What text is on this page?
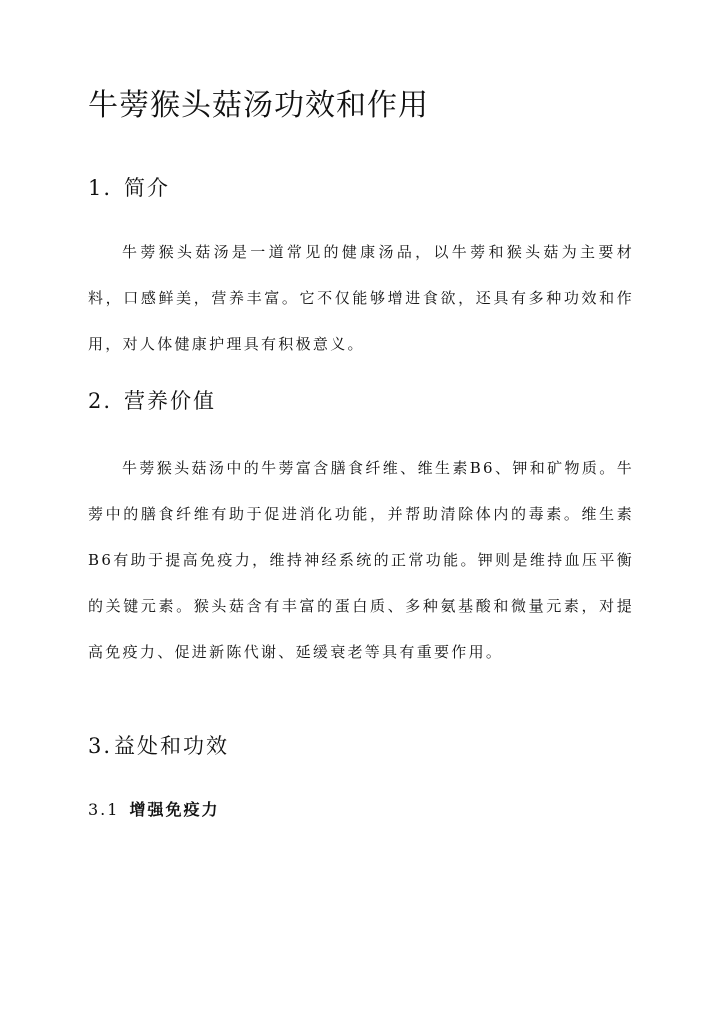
牛蒡猴头菇汤功效和作用
1. 简介

牛蒡猴头菇汤是一道常见的健康汤品，以牛蒡和猴头菇为主要材料，口感鲜美，营养丰富。它不仅能够增进食欲，还具有多种功效和作用，对人体健康护理具有积极意义。

2. 营养价值

牛蒡猴头菇汤中的牛蒡富含膳食纤维、维生素B6、钾和矿物质。牛蒡中的膳食纤维有助于促进消化功能，并帮助清除体内的毒素。维生素B6有助于提高免疫力，维持神经系统的正常功能。钾则是维持血压平衡的关键元素。猴头菇含有丰富的蛋白质、多种氨基酸和微量元素，对提高免疫力、促进新陈代谢、延缓衰老等具有重要作用。

3.益处和功效
3.1 增强免疫力
